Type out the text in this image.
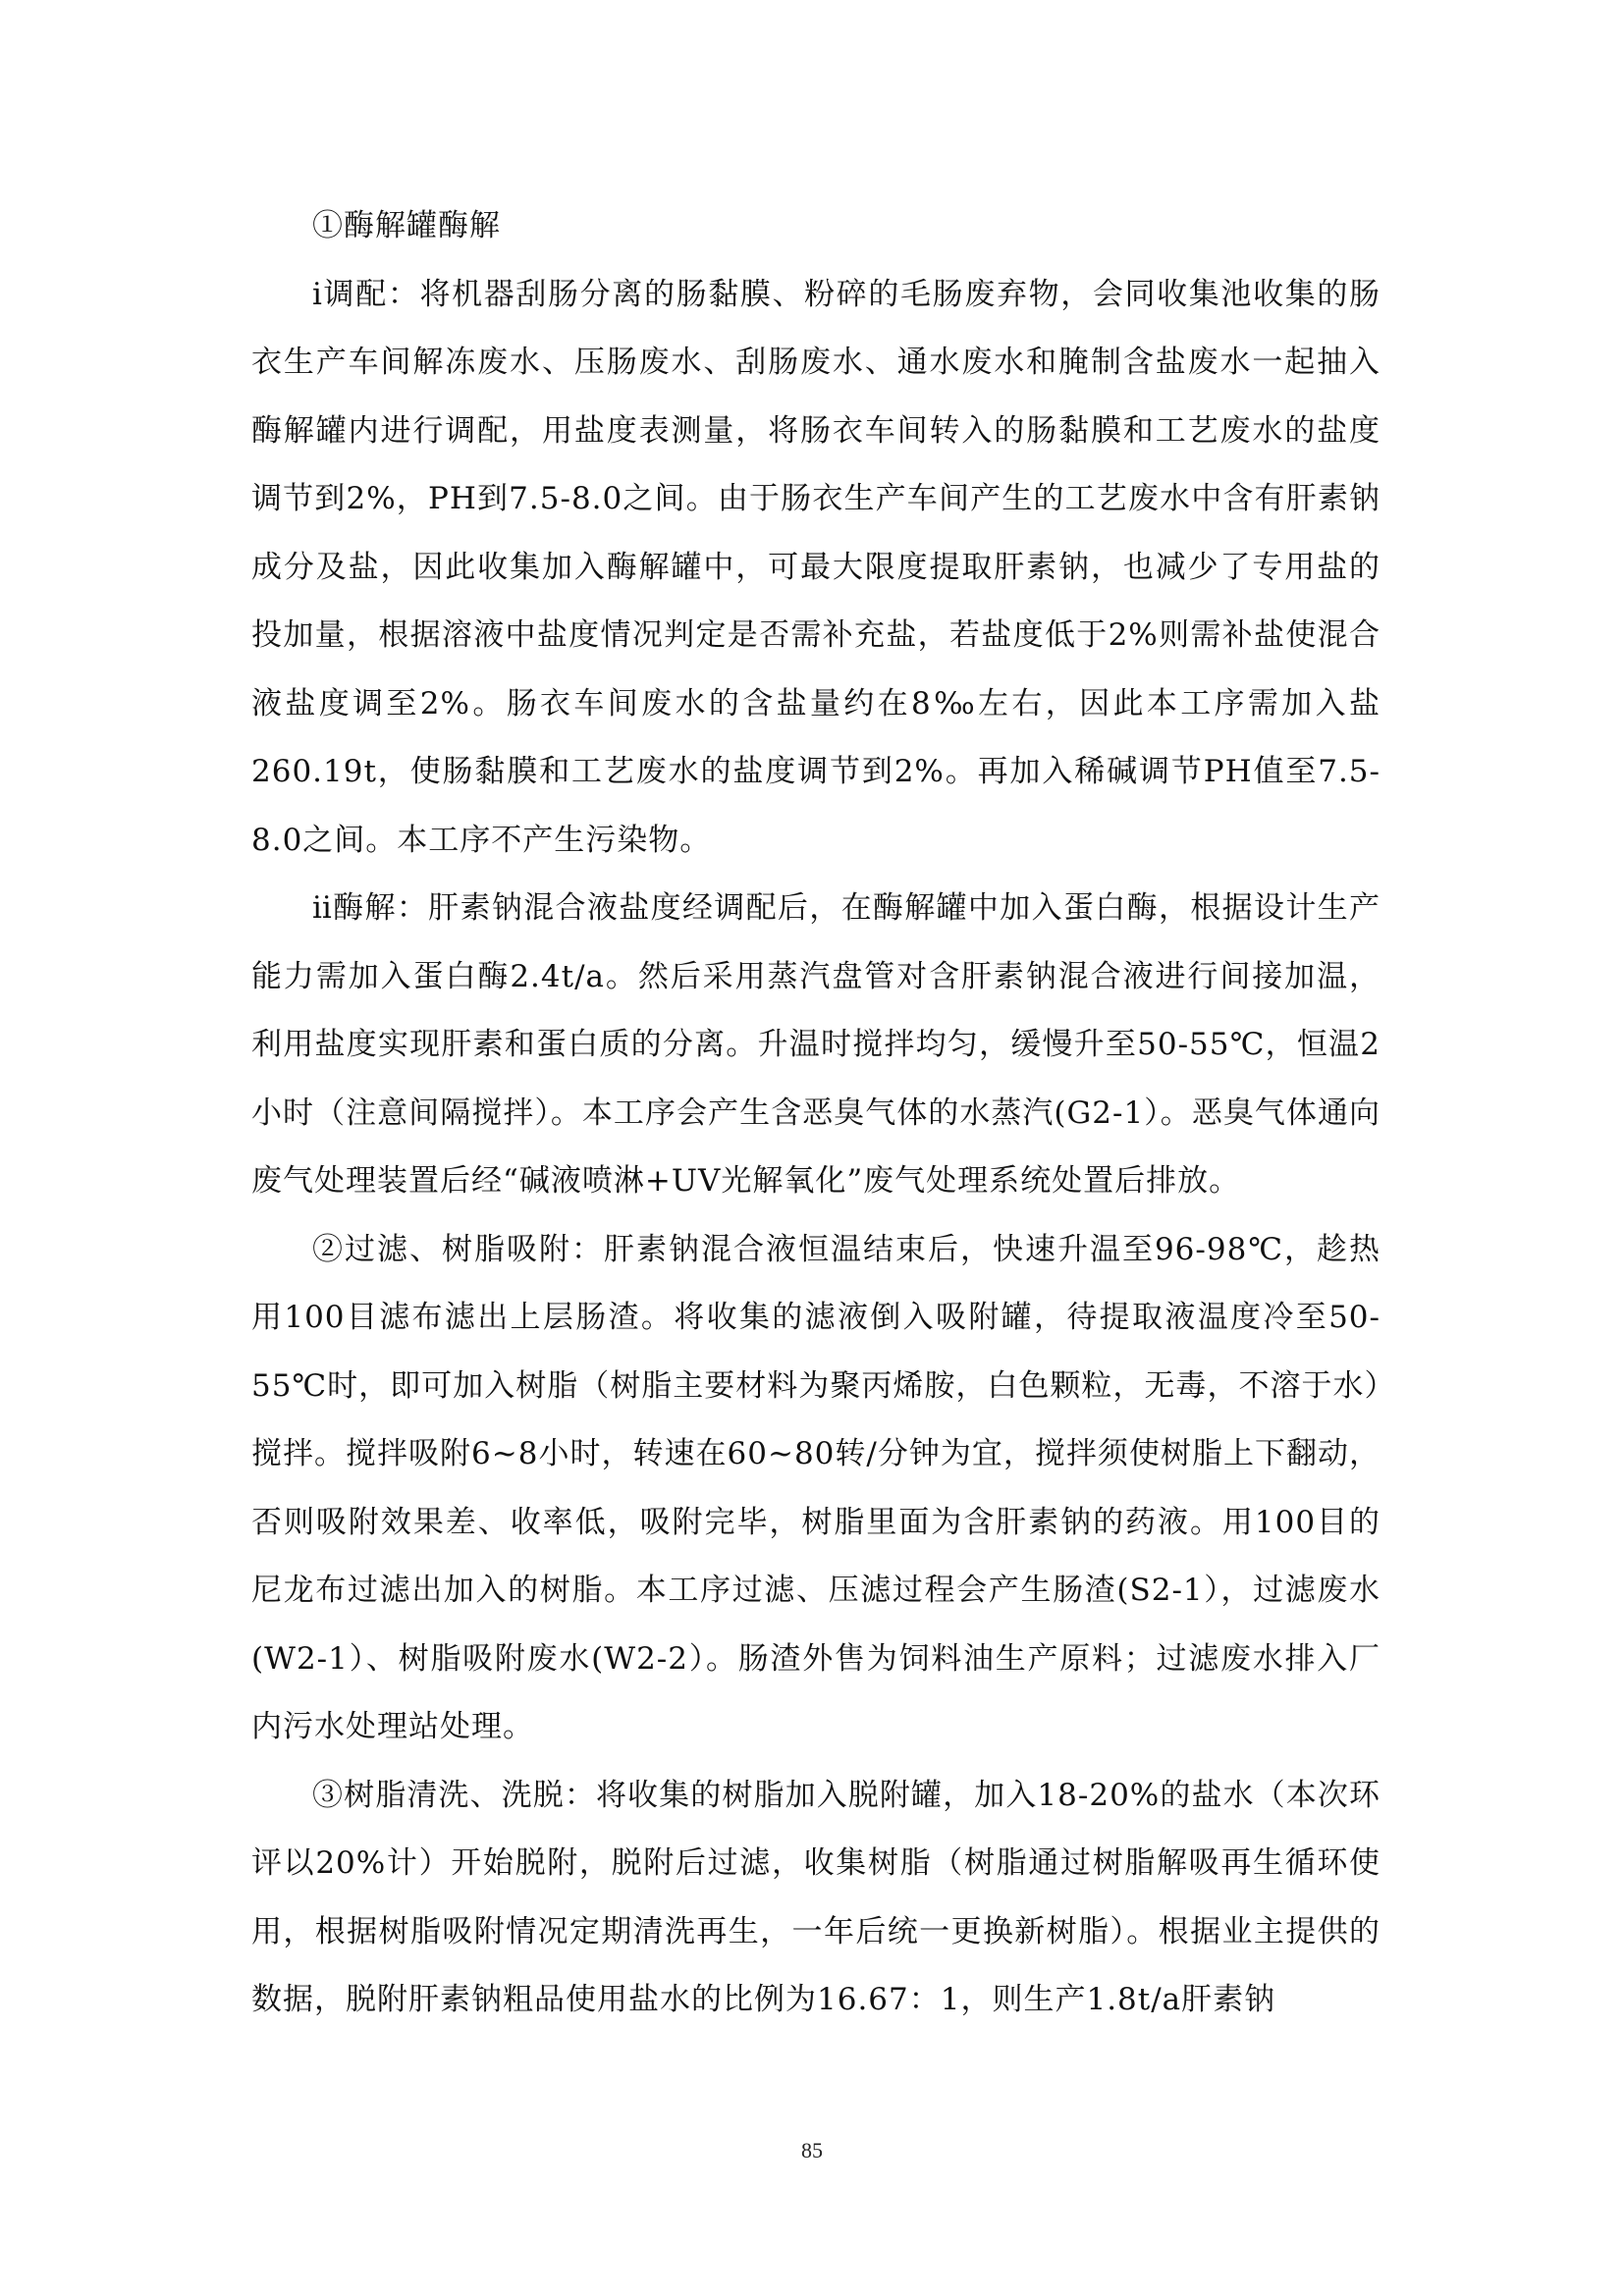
①酶解罐酶解

ⅰ调配：将机器刮肠分离的肠黏膜、粉碎的毛肠废弃物，会同收集池收集的肠衣生产车间解冻废水、压肠废水、刮肠废水、通水废水和腌制含盐废水一起抽入酶解罐内进行调配，用盐度表测量，将肠衣车间转入的肠黏膜和工艺废水的盐度调节到2%，PH到7.5-8.0之间。由于肠衣生产车间产生的工艺废水中含有肝素钠成分及盐，因此收集加入酶解罐中，可最大限度提取肝素钠，也减少了专用盐的投加量，根据溶液中盐度情况判定是否需补充盐，若盐度低于2%则需补盐使混合液盐度调至2%。肠衣车间废水的含盐量约在8‰左右，因此本工序需加入盐260.19t，使肠黏膜和工艺废水的盐度调节到2%。再加入稀碱调节PH值至7.5-8.0之间。本工序不产生污染物。

ⅱ酶解：肝素钠混合液盐度经调配后，在酶解罐中加入蛋白酶，根据设计生产能力需加入蛋白酶2.4t/a。然后采用蒸汽盘管对含肝素钠混合液进行间接加温，利用盐度实现肝素和蛋白质的分离。升温时搅拌均匀，缓慢升至50-55℃，恒温2小时（注意间隔搅拌）。本工序会产生含恶臭气体的水蒸汽(G2-1）。恶臭气体通向废气处理装置后经“碱液喷淋+UV光解氧化”废气处理系统处置后排放。

②过滤、树脂吸附：肝素钠混合液恒温结束后，快速升温至96-98℃，趁热用100目滤布滤出上层肠渣。将收集的滤液倒入吸附罐，待提取液温度冷至50-55℃时，即可加入树脂（树脂主要材料为聚丙烯胺，白色颗粒，无毒，不溶于水）搅拌。搅拌吸附6~8小时，转速在60~80转/分钟为宜，搅拌须使树脂上下翻动，否则吸附效果差、收率低，吸附完毕，树脂里面为含肝素钠的药液。用100目的尼龙布过滤出加入的树脂。本工序过滤、压滤过程会产生肠渣(S2-1），过滤废水(W2-1）、树脂吸附废水(W2-2）。肠渣外售为饲料油生产原料；过滤废水排入厂内污水处理站处理。

③树脂清洗、洗脱：将收集的树脂加入脱附罐，加入18-20%的盐水（本次环评以20%计）开始脱附，脱附后过滤，收集树脂（树脂通过树脂解吸再生循环使用，根据树脂吸附情况定期清洗再生，一年后统一更换新树脂）。根据业主提供的数据，脱附肝素钠粗品使用盐水的比例为16.67：1，则生产1.8t/a肝素钠

85
